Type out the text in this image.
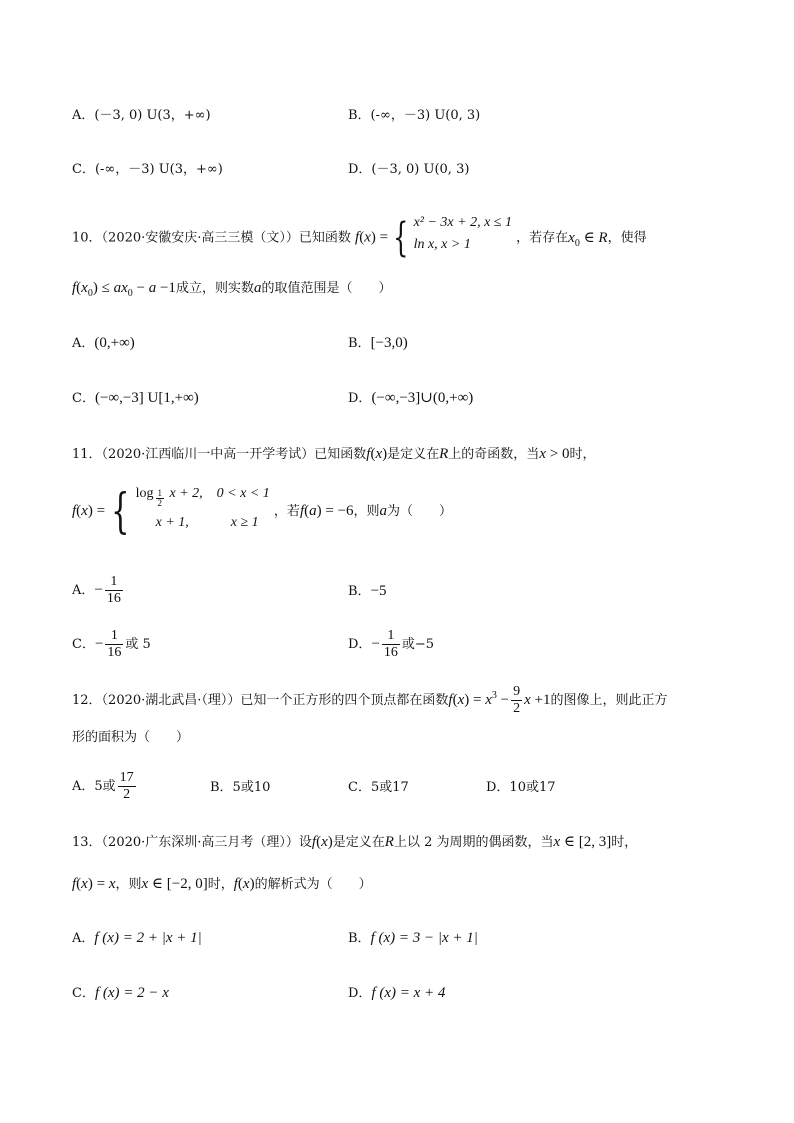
A．(－3, 0) U(3，+∞)	B．(-∞，－3) U(0, 3)
C．(-∞，－3) U(3，+∞)	D．(－3, 0) U(0, 3)
10．（2020·安徽安庆·高三三模（文））已知函数 f(x) = { x² − 3x + 2, x ≤ 1
ln x, x > 1	，若存在$x_0$ ∈ R，使得
$f(x_0) \le ax_0 - a -1$成立，则实数a的取值范围是（　　）
A．(0,+∞)	B．[−3,0)
C．(−∞,−3] U[1,+∞)	D．(−∞,−3]∪(0,+∞)
11．（2020·江西临川一中高一开学考试）已知函数f(x)是定义在R上的奇函数，当x > 0时，
f(x) = { log $_{\frac{1}{2}}$ x + 2,　0 < x < 1
x + 1,　　　x ≥ 1
，若f(a) = −6，则a为（　　）
A．− $\frac{1}{16}$	B．−5
C．− $\frac{1}{16}$ 或 5	D．− $\frac{1}{16}$ 或−5
12．（2020·湖北武昌·（理））已知一个正方形的四个顶点都在函数$f(x) = x^3 - \frac{9}{2}$ x +1的图像上，则此正方
形的面积为（　　）
A．5或 $\frac{17}{2}$	B．5或10	C．5或17	D．10或17
13．（2020·广东深圳·高三月考（理））设f(x)是定义在R上以 2 为周期的偶函数，当x ∈ [2, 3]时，
f(x) = x，则x ∈ [−2, 0]时，f(x)的解析式为（　　）
A．f (x) = 2 + |x + 1|	B．f (x) = 3 − |x + 1|
C．f (x) = 2 − x	D．f (x) = x + 4
